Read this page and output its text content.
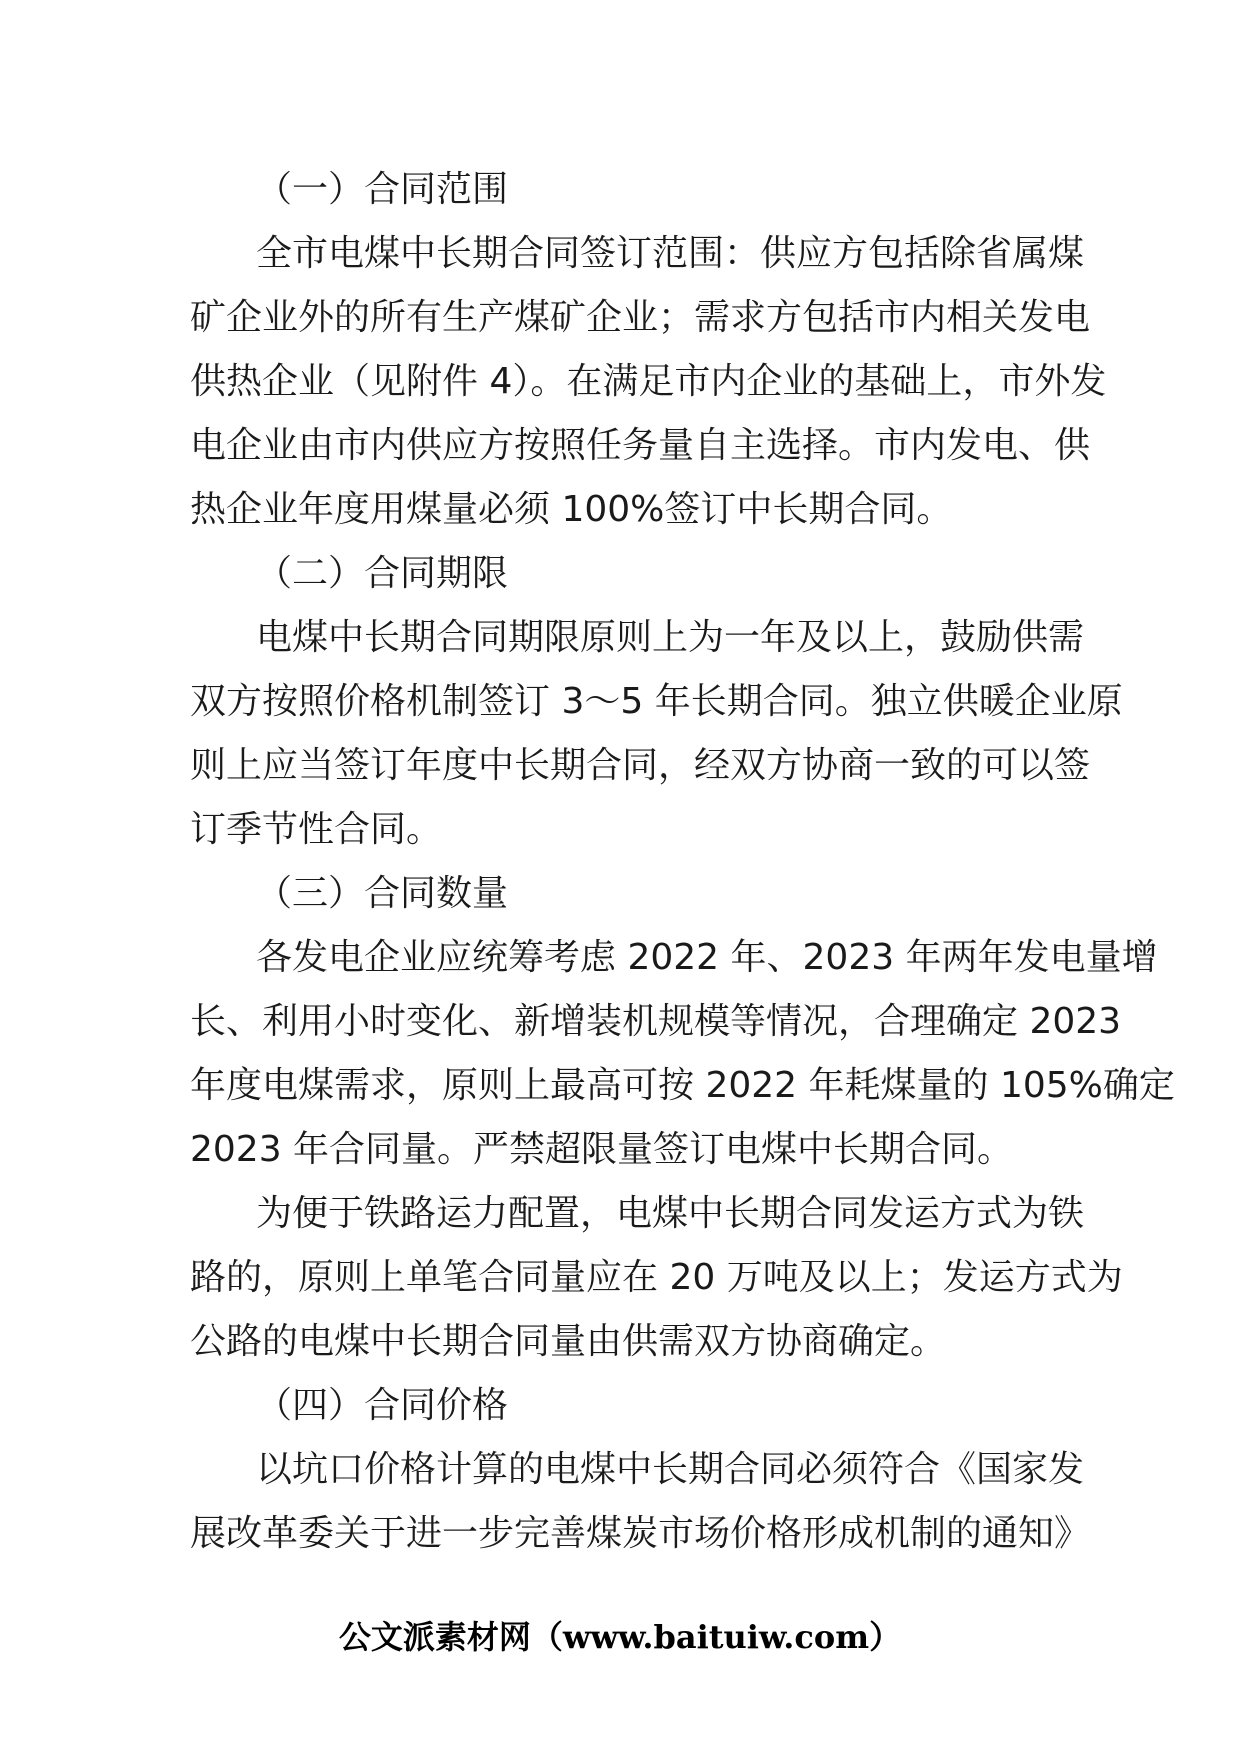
（一）合同范围
全市电煤中长期合同签订范围：供应方包括除省属煤
矿企业外的所有生产煤矿企业；需求方包括市内相关发电
供热企业（见附件 4）。在满足市内企业的基础上，市外发
电企业由市内供应方按照任务量自主选择。市内发电、供
热企业年度用煤量必须 100%签订中长期合同。
（二）合同期限
电煤中长期合同期限原则上为一年及以上，鼓励供需
双方按照价格机制签订 3～5 年长期合同。独立供暖企业原
则上应当签订年度中长期合同，经双方协商一致的可以签
订季节性合同。
（三）合同数量
各发电企业应统筹考虑 2022 年、2023 年两年发电量增
长、利用小时变化、新增装机规模等情况，合理确定 2023
年度电煤需求，原则上最高可按 2022 年耗煤量的 105%确定
2023 年合同量。严禁超限量签订电煤中长期合同。
为便于铁路运力配置，电煤中长期合同发运方式为铁
路的，原则上单笔合同量应在 20 万吨及以上；发运方式为
公路的电煤中长期合同量由供需双方协商确定。
（四）合同价格
以坑口价格计算的电煤中长期合同必须符合《国家发
展改革委关于进一步完善煤炭市场价格形成机制的通知》
公文派素材网（www.baituiw.com）
